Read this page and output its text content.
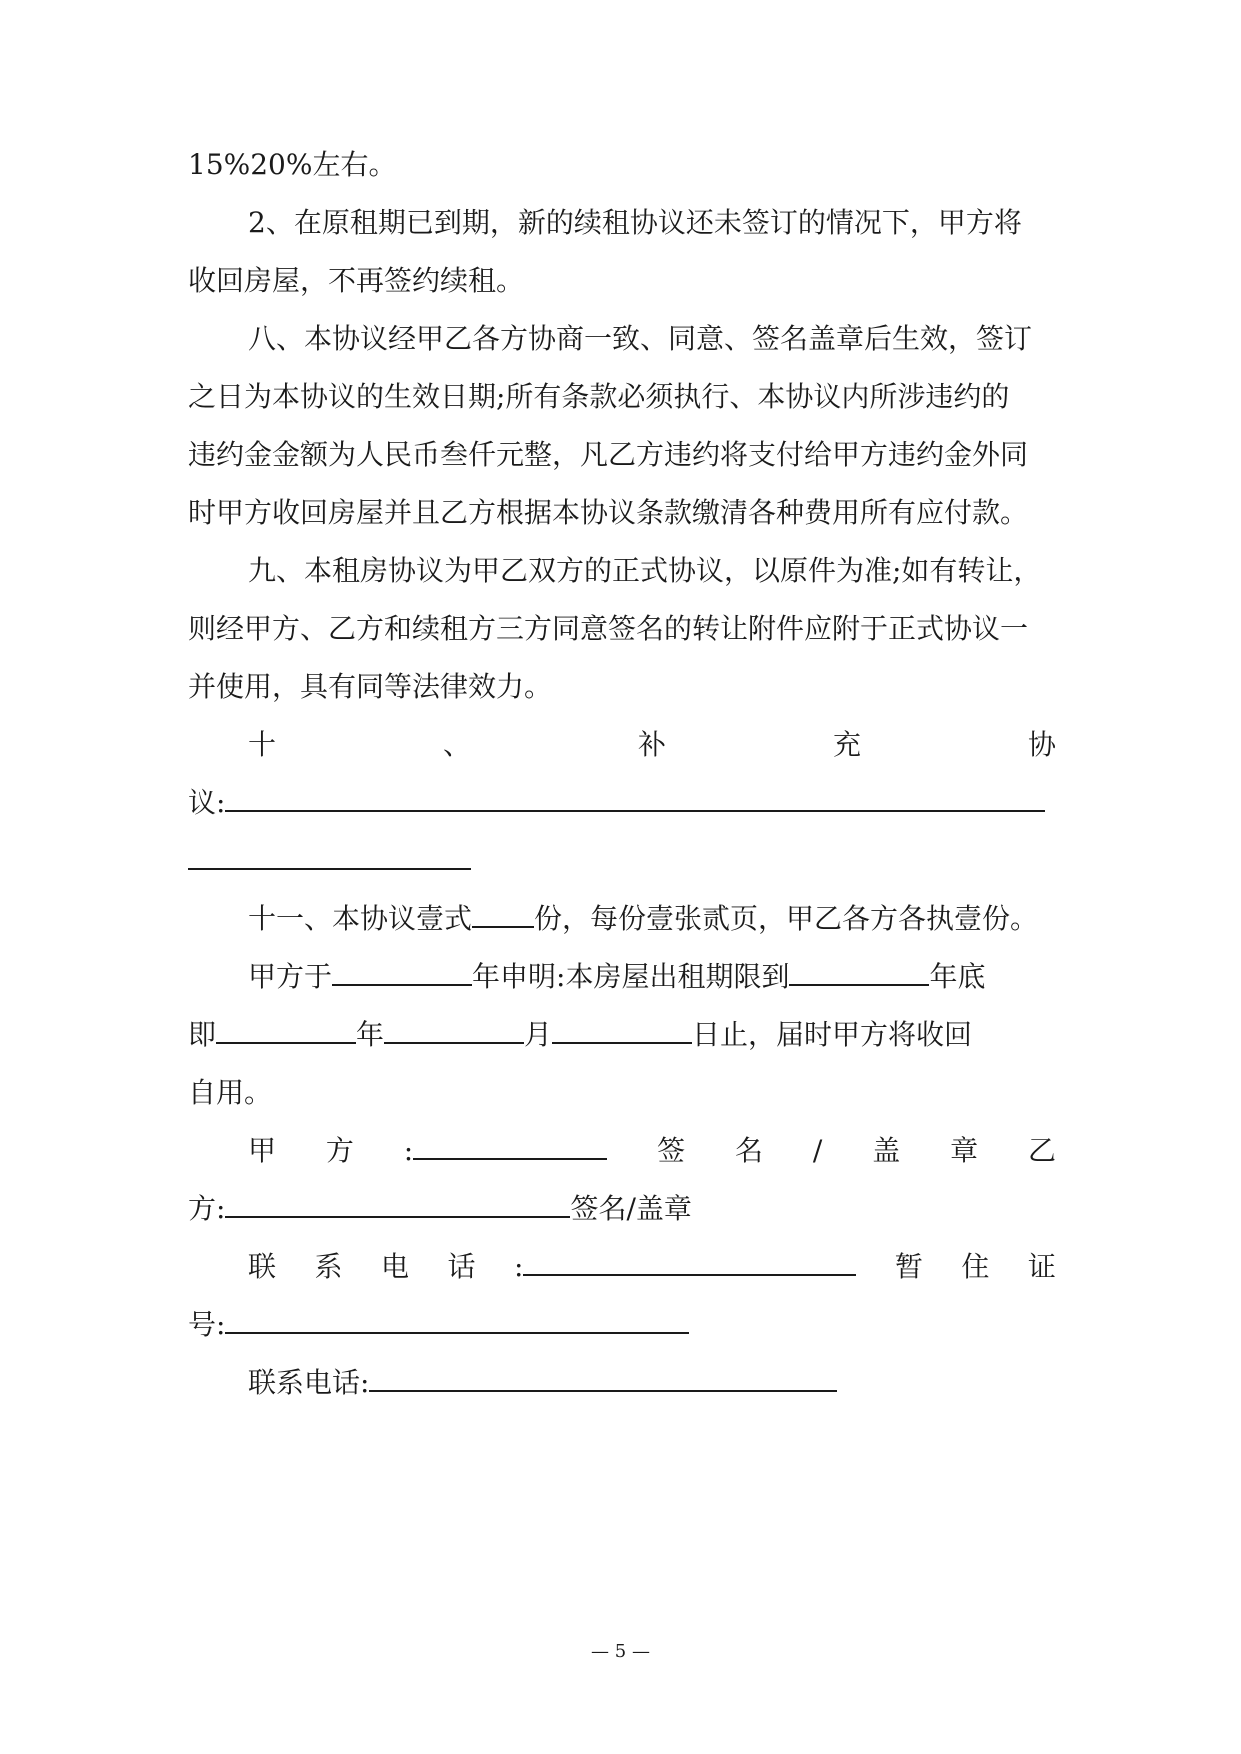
15%20%左右。
2、在原租期已到期，新的续租协议还未签订的情况下，甲方将
收回房屋，不再签约续租。
八、本协议经甲乙各方协商一致、同意、签名盖章后生效，签订
之日为本协议的生效日期;所有条款必须执行、本协议内所涉违约的
违约金金额为人民币叁仟元整，凡乙方违约将支付给甲方违约金外同
时甲方收回房屋并且乙方根据本协议条款缴清各种费用所有应付款。
九、本租房协议为甲乙双方的正式协议，以原件为准;如有转让，
则经甲方、乙方和续租方三方同意签名的转让附件应附于正式协议一
并使用，具有同等法律效力。
十	、	补	充	协
议:
十一、本协议壹式 份，每份壹张贰页，甲乙各方各执壹份。
甲方于	年申明:本房屋出租期限到	年底
即	年	月	日止，届时甲方将收回
自用。
甲 方 :	签 名 / 盖 章 乙
方:	签名/盖章
联 系 电 话 :	暂 住 证
号:
联系电话:
— 5 —
